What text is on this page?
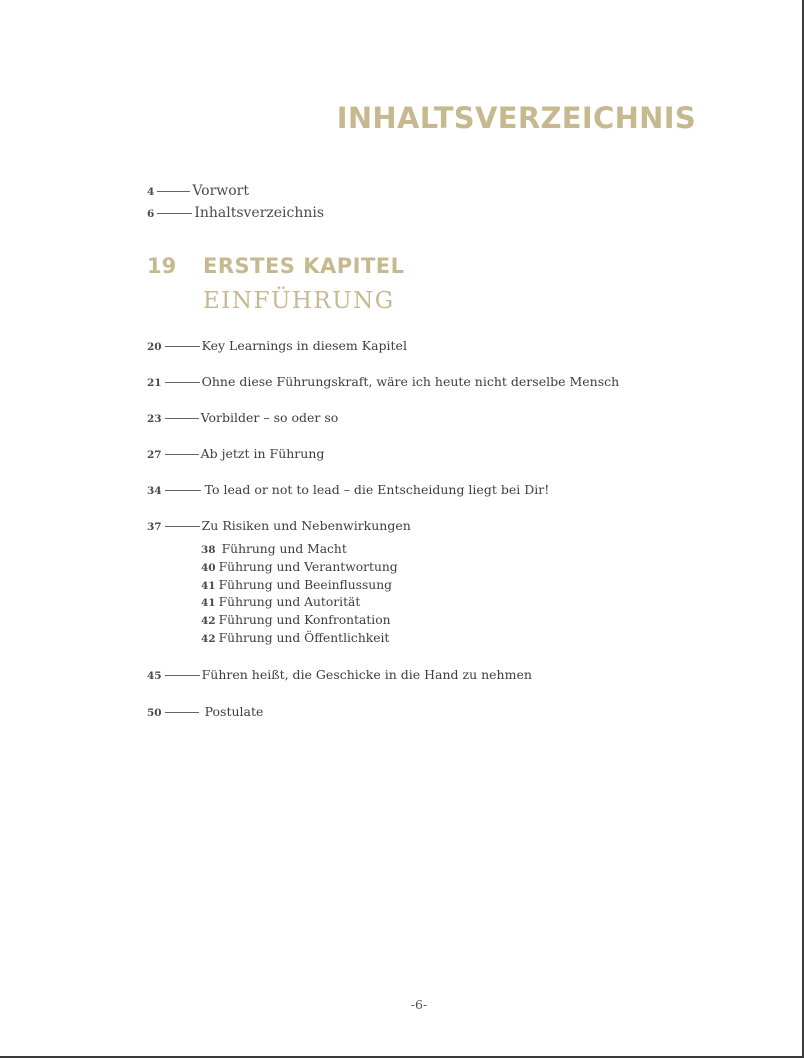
INHALTSVERZEICHNIS
4	Vorwort
6	Inhaltsverzeichnis
19 ERSTES KAPITEL
EINFÜHRUNG
20	Key Learnings in diesem Kapitel
21	Ohne diese Führungskraft, wäre ich heute nicht derselbe Mensch
23	Vorbilder – so oder so
27	Ab jetzt in Führung
34	To lead or not to lead – die Entscheidung liegt bei Dir!
37	Zu Risiken und Nebenwirkungen
38 Führung und Macht
40 Führung und Verantwortung
41 Führung und Beeinflussung
41 Führung und Autorität
42 Führung und Konfrontation
42 Führung und Öffentlichkeit
45	Führen heißt, die Geschicke in die Hand zu nehmen
50	Postulate
-6-
